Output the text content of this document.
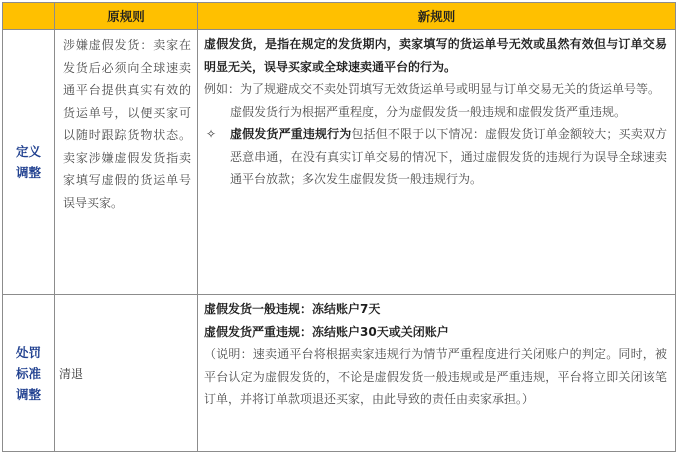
	原规则	新规则

定义调整	涉嫌虚假发货：卖家在发货后必须向全球速卖通平台提供真实有效的货运单号，以便买家可以随时跟踪货物状态。卖家涉嫌虚假发货指卖家填写虚假的货运单号误导买家。	虚假发货，是指在规定的发货期内，卖家填写的货运单号无效或虽然有效但与订单交易明显无关，误导买家或全球速卖通平台的行为。

例如：为了规避成交不卖处罚填写无效货运单号或明显与订单交易无关的货运单号等。

虚假发货行为根据严重程度，分为虚假发货一般违规和虚假发货严重违规。

✧ 虚假发货严重违规行为包括但不限于以下情况：虚假发货订单金额较大；买卖双方恶意串通，在没有真实订单交易的情况下，通过虚假发货的违规行为误导全球速卖通平台放款；多次发生虚假发货一般违规行为。

处罚标准调整	清退	虚假发货一般违规：冻结账户7天

虚假发货严重违规：冻结账户30天或关闭账户

（说明：速卖通平台将根据卖家违规行为情节严重程度进行关闭账户的判定。同时，被平台认定为虚假发货的，不论是虚假发货一般违规或是严重违规，平台将立即关闭该笔订单，并将订单款项退还买家，由此导致的责任由卖家承担。）
